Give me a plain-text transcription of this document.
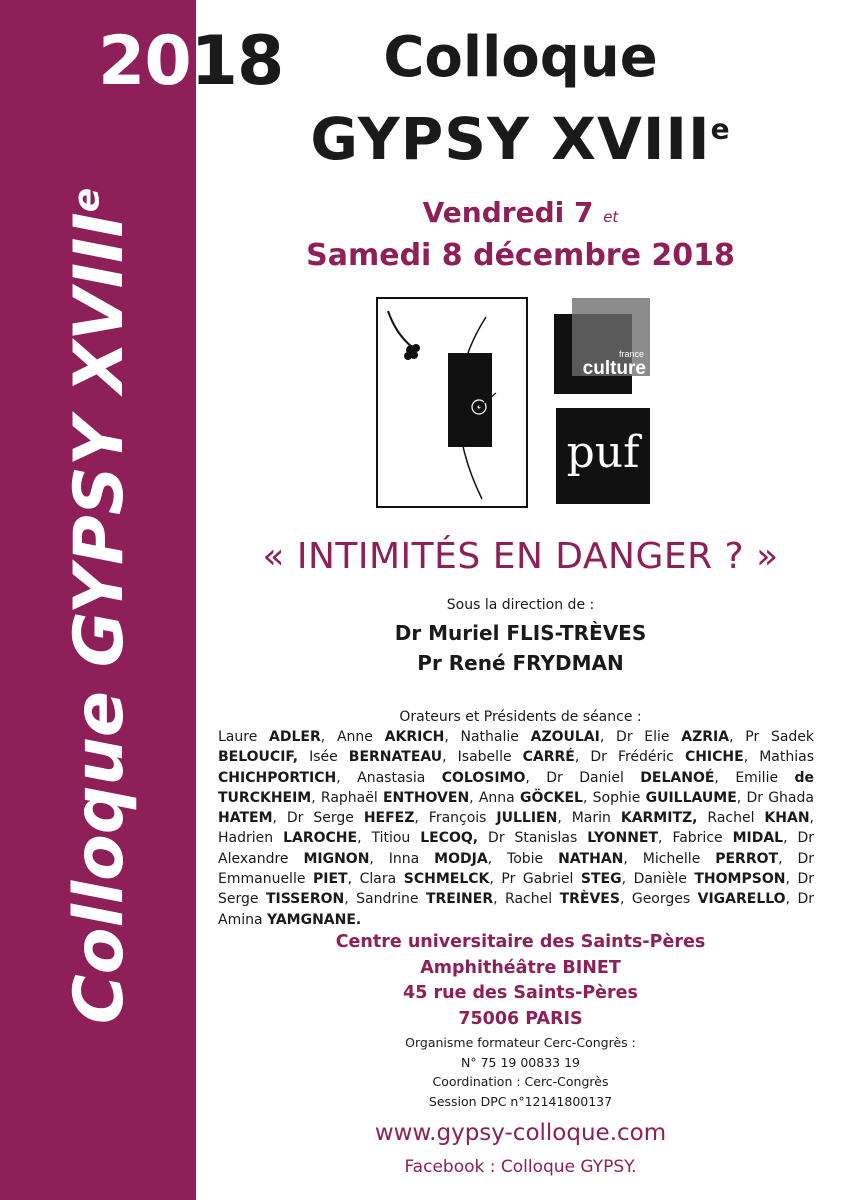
2018
Colloque GYPSY XVIIIe
Colloque
GYPSY XVIIIe
Vendredi 7 et
Samedi 8 décembre 2018
france
culture
puf
« INTIMITÉS EN DANGER ? »
Sous la direction de :
Dr Muriel FLIS-TRÈVES
Pr René FRYDMAN
Orateurs et Présidents de séance :
Laure ADLER, Anne AKRICH, Nathalie AZOULAI, Dr Elie AZRIA, Pr Sadek BELOUCIF, Isée BERNATEAU, Isabelle CARRÉ, Dr Frédéric CHICHE, Mathias CHICHPORTICH, Anastasia COLOSIMO, Dr Daniel DELANOÉ, Emilie de TURCKHEIM, Raphaël ENTHOVEN, Anna GÖCKEL, Sophie GUILLAUME, Dr Ghada HATEM, Dr Serge HEFEZ, François JULLIEN, Marin KARMITZ, Rachel KHAN, Hadrien LAROCHE, Titiou LECOQ, Dr Stanislas LYONNET, Fabrice MIDAL, Dr Alexandre MIGNON, Inna MODJA, Tobie NATHAN, Michelle PERROT, Dr Emmanuelle PIET, Clara SCHMELCK, Pr Gabriel STEG, Danièle THOMPSON, Dr Serge TISSERON, Sandrine TREINER, Rachel TRÈVES, Georges VIGARELLO, Dr Amina YAMGNANE.
Centre universitaire des Saints-Pères
Amphithéâtre BINET
45 rue des Saints-Pères
75006 PARIS
Organisme formateur Cerc-Congrès :
N° 75 19 00833 19
Coordination : Cerc-Congrès
Session DPC n°12141800137
www.gypsy-colloque.com
Facebook : Colloque GYPSY.
